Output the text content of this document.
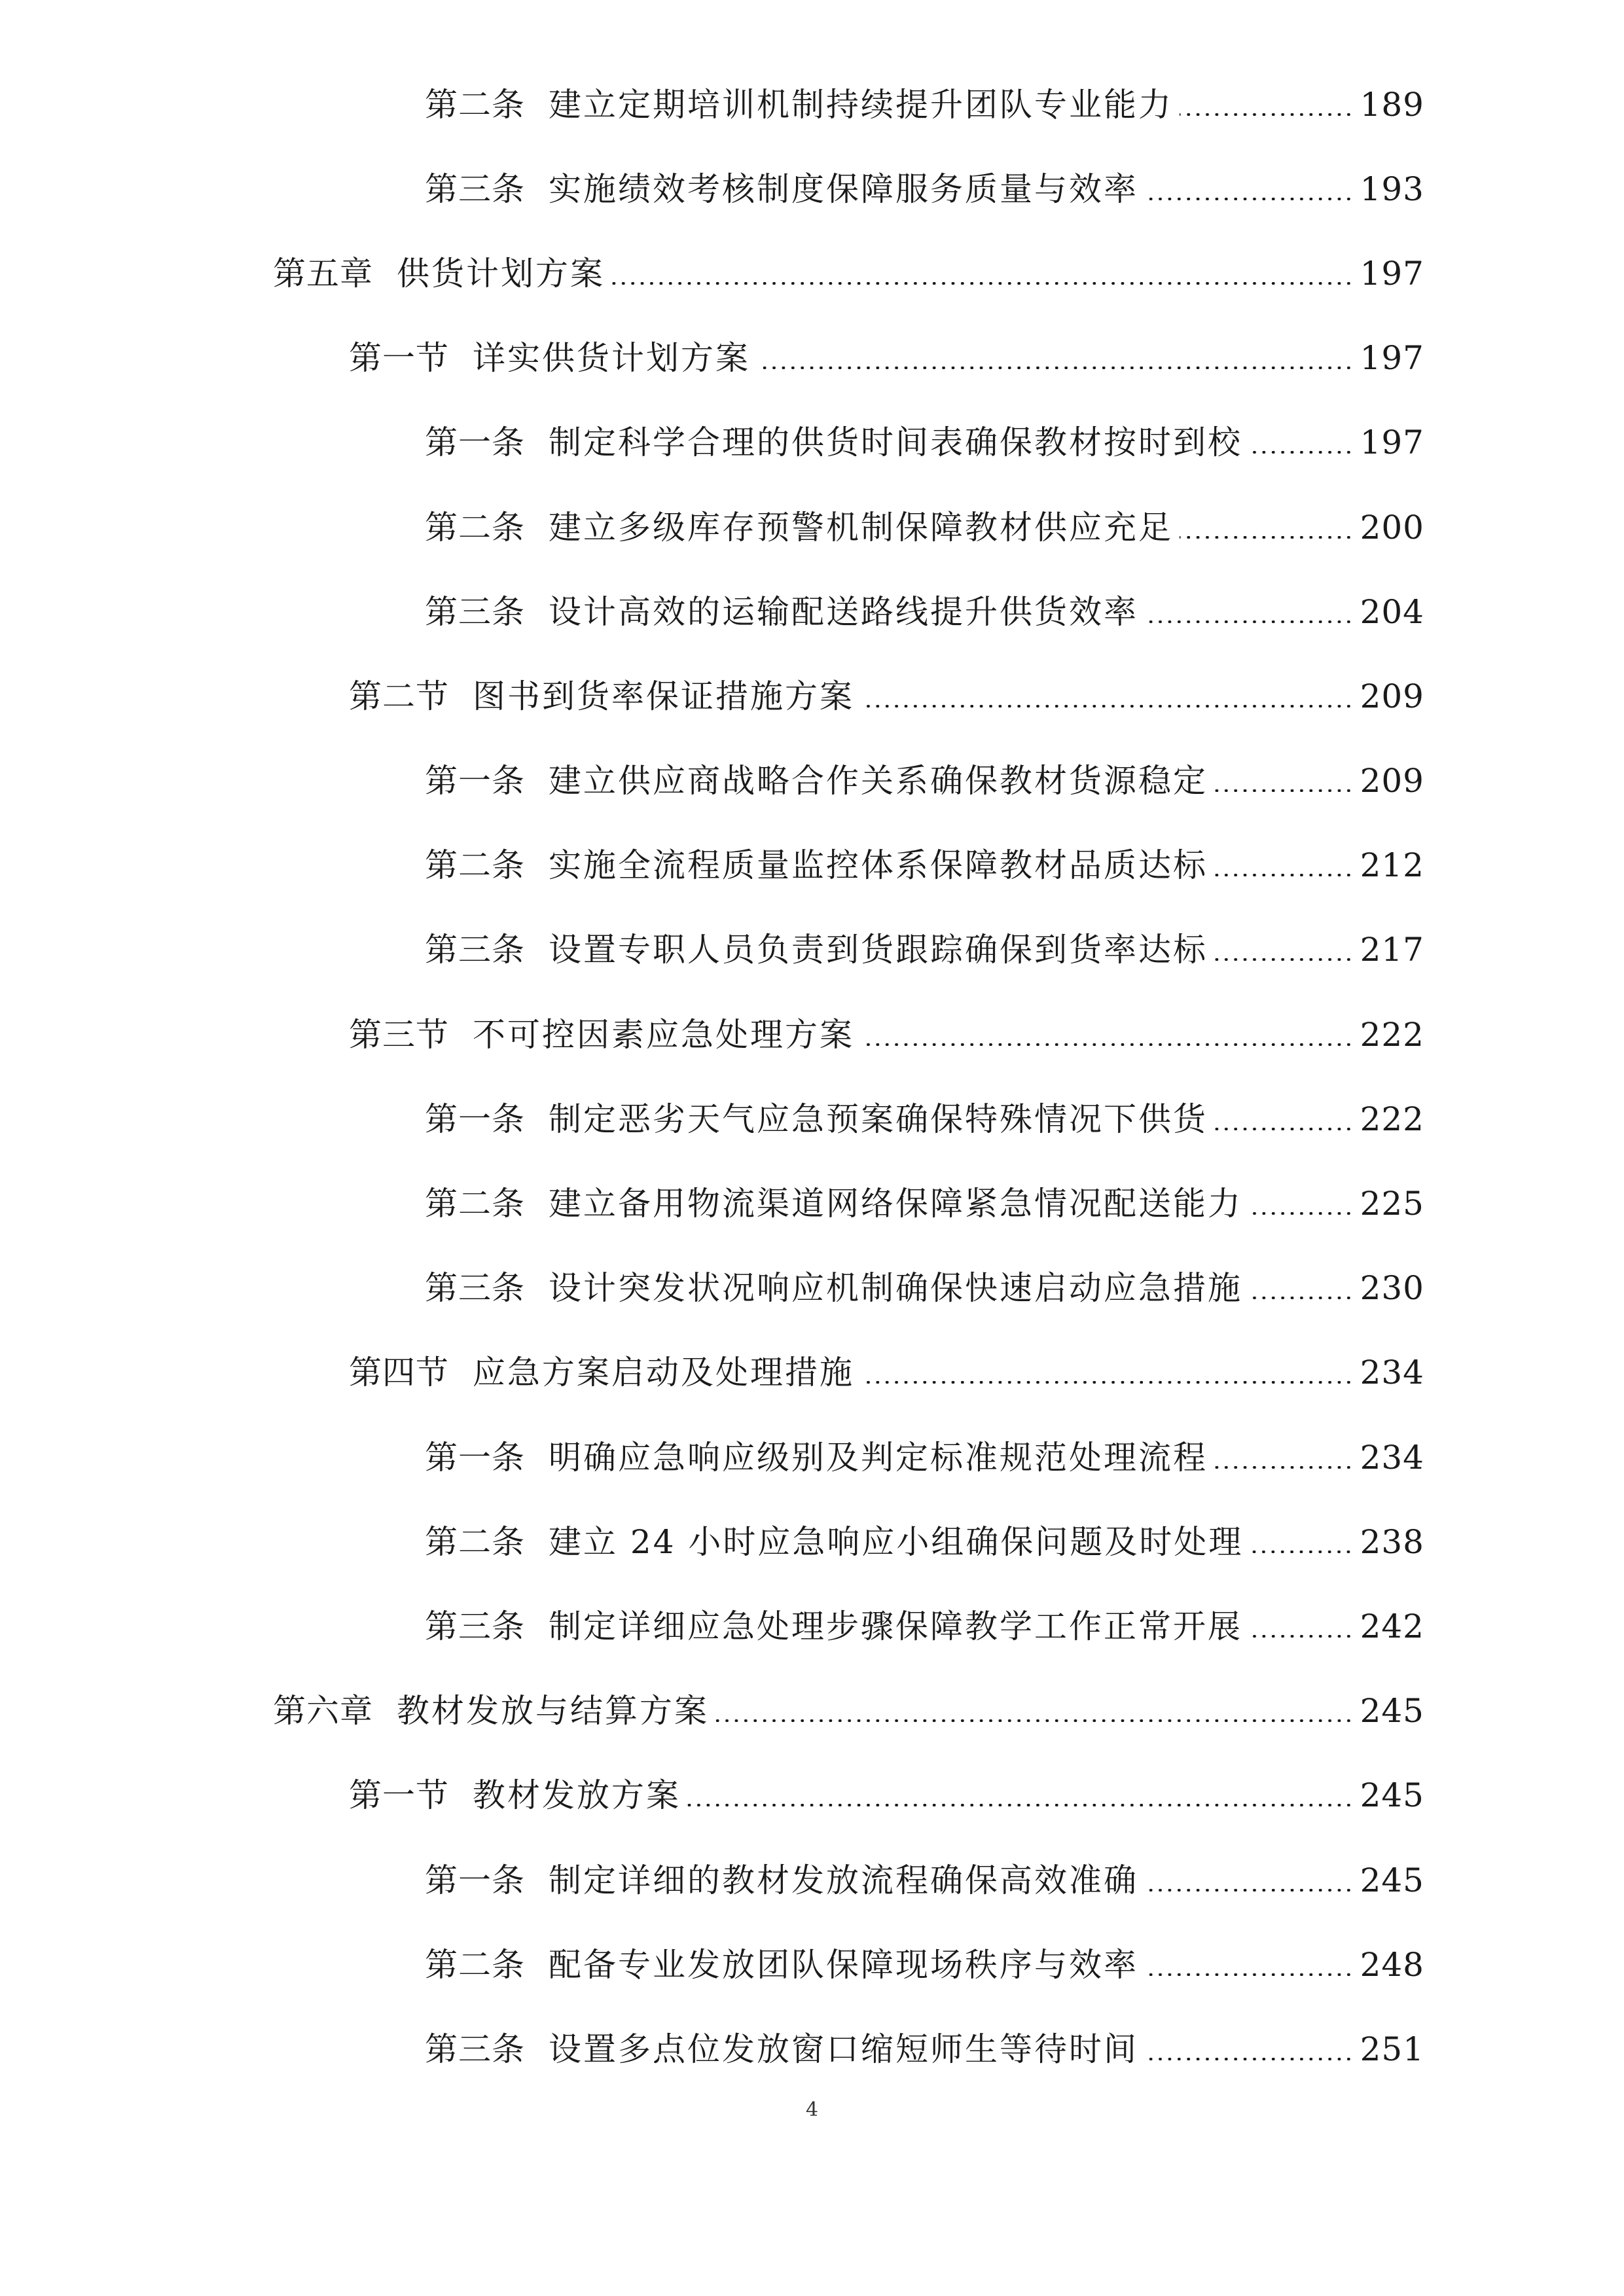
第二条 建立定期培训机制持续提升团队专业能力	189
第三条 实施绩效考核制度保障服务质量与效率	193
第五章 供货计划方案	197
第一节 详实供货计划方案	197
第一条 制定科学合理的供货时间表确保教材按时到校	197
第二条 建立多级库存预警机制保障教材供应充足	200
第三条 设计高效的运输配送路线提升供货效率	204
第二节 图书到货率保证措施方案	209
第一条 建立供应商战略合作关系确保教材货源稳定	209
第二条 实施全流程质量监控体系保障教材品质达标	212
第三条 设置专职人员负责到货跟踪确保到货率达标	217
第三节 不可控因素应急处理方案	222
第一条 制定恶劣天气应急预案确保特殊情况下供货	222
第二条 建立备用物流渠道网络保障紧急情况配送能力	225
第三条 设计突发状况响应机制确保快速启动应急措施	230
第四节 应急方案启动及处理措施	234
第一条 明确应急响应级别及判定标准规范处理流程	234
第二条 建立 24 小时应急响应小组确保问题及时处理	238
第三条 制定详细应急处理步骤保障教学工作正常开展	242
第六章 教材发放与结算方案	245
第一节 教材发放方案	245
第一条 制定详细的教材发放流程确保高效准确	245
第二条 配备专业发放团队保障现场秩序与效率	248
第三条 设置多点位发放窗口缩短师生等待时间	251
4
